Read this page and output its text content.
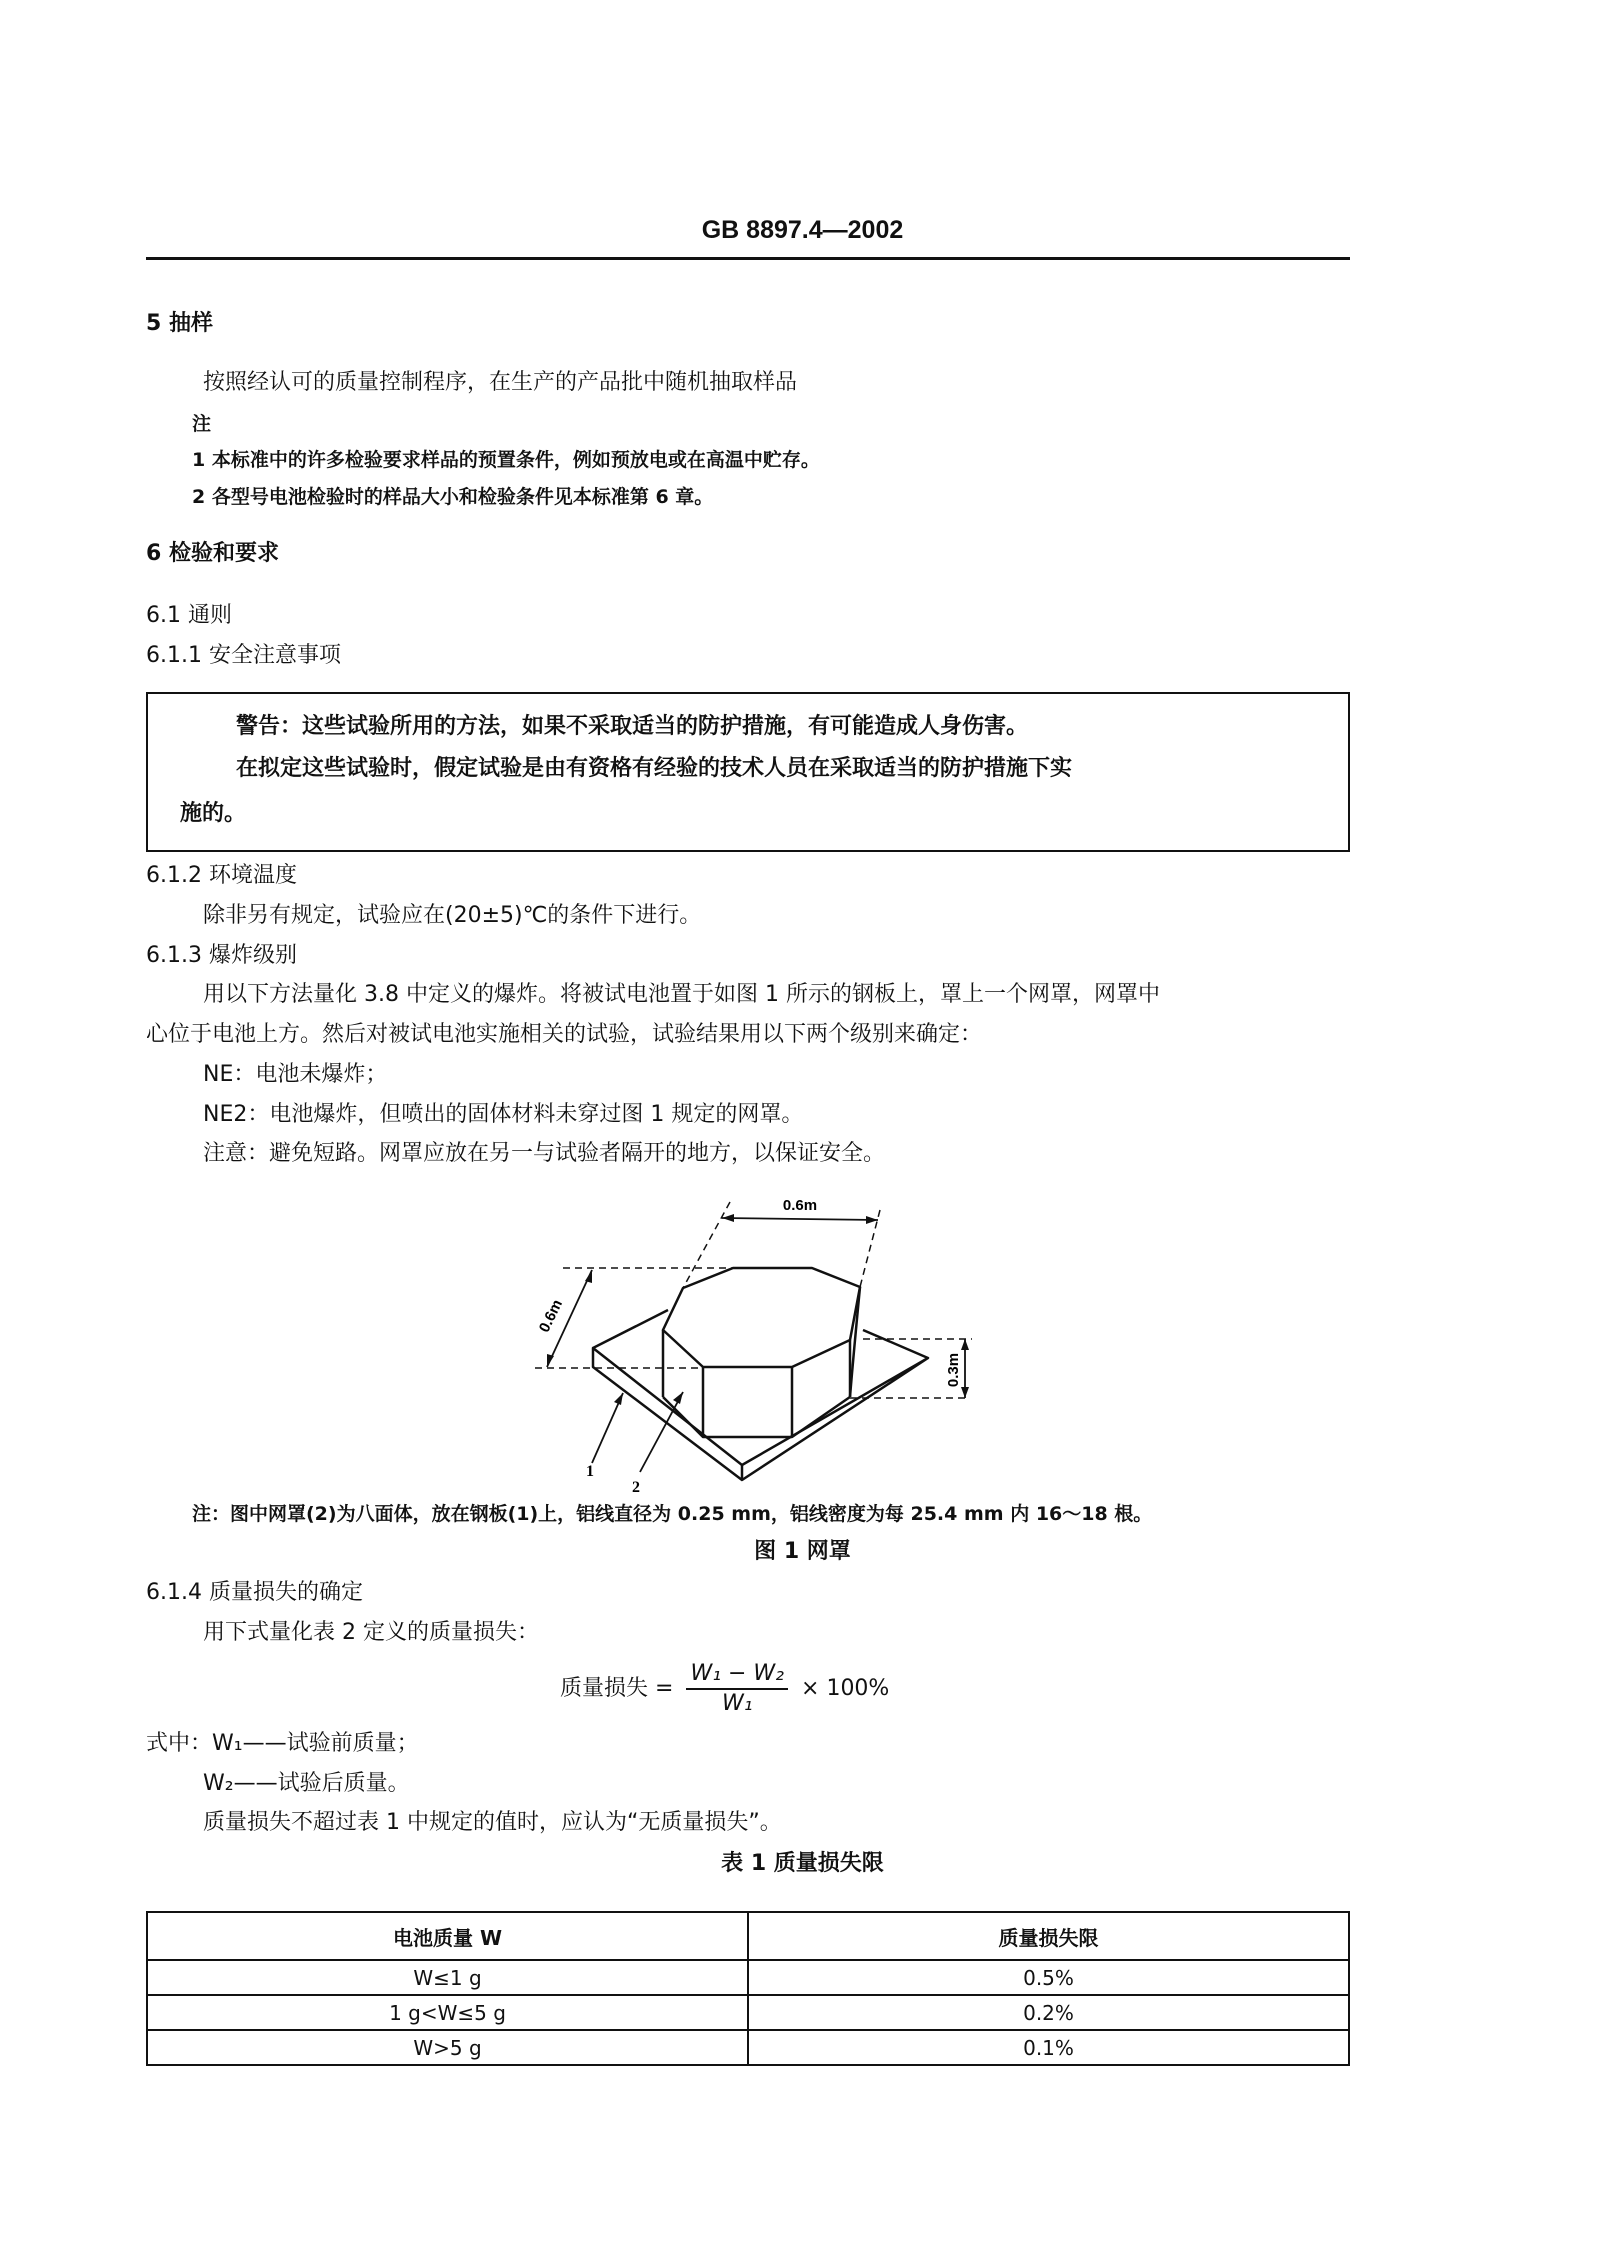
GB 8897.4—2002
5 抽样
按照经认可的质量控制程序，在生产的产品批中随机抽取样品
注
1 本标准中的许多检验要求样品的预置条件，例如预放电或在高温中贮存。
2 各型号电池检验时的样品大小和检验条件见本标准第 6 章。
6 检验和要求
6.1 通则
6.1.1 安全注意事项
警告：这些试验所用的方法，如果不采取适当的防护措施，有可能造成人身伤害。
在拟定这些试验时，假定试验是由有资格有经验的技术人员在采取适当的防护措施下实
施的。
6.1.2 环境温度
除非另有规定，试验应在(20±5)℃的条件下进行。
6.1.3 爆炸级别
用以下方法量化 3.8 中定义的爆炸。将被试电池置于如图 1 所示的钢板上，罩上一个网罩，网罩中
心位于电池上方。然后对被试电池实施相关的试验，试验结果用以下两个级别来确定：
NE：电池未爆炸；
NE2：电池爆炸，但喷出的固体材料未穿过图 1 规定的网罩。
注意：避免短路。网罩应放在另一与试验者隔开的地方，以保证安全。
0.6m
0.6m
0.3m
1
2
注：图中网罩(2)为八面体，放在钢板(1)上，铝线直径为 0.25 mm，铝线密度为每 25.4 mm 内 16～18 根。
图 1 网罩
6.1.4 质量损失的确定
用下式量化表 2 定义的质量损失：
质量损失 = $\frac{\text{W₁ − W₂}}{\text{W₁}} \times 100\%$
式中：W₁——试验前质量；
W₂——试验后质量。
质量损失不超过表 1 中规定的值时，应认为“无质量损失”。
表 1 质量损失限
电池质量 W	质量损失限
W≤1 g	0.5%
1 g<W≤5 g	0.2%
W>5 g	0.1%
